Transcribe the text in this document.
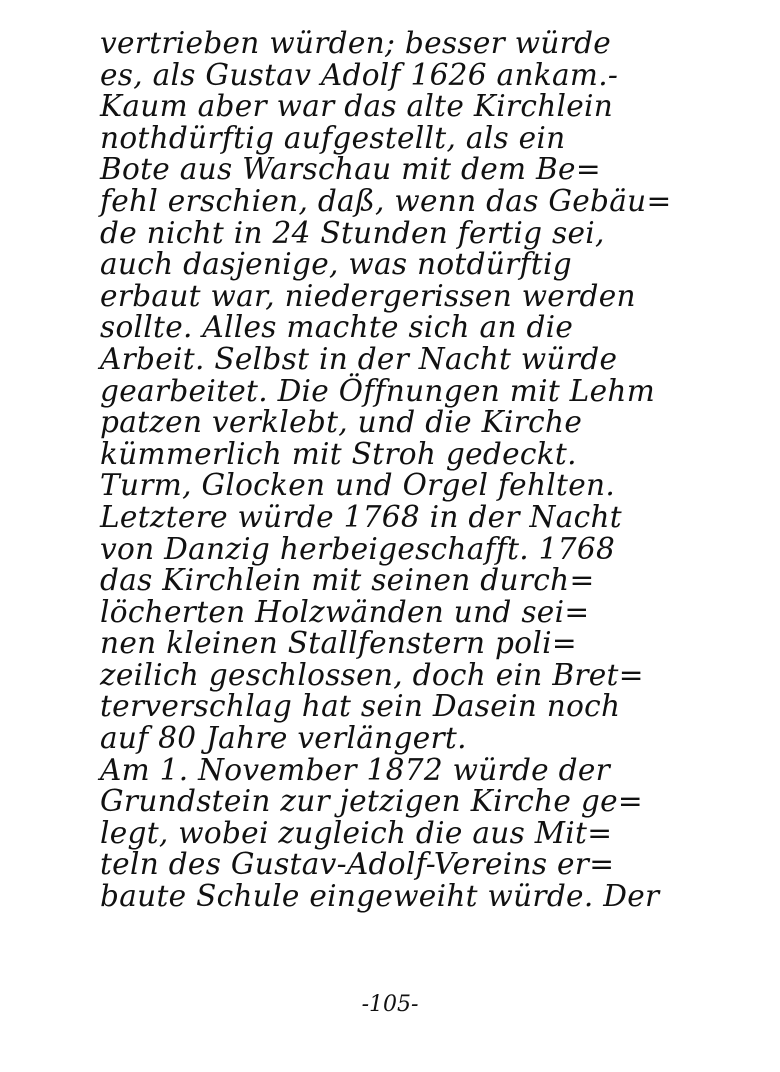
vertrieben würden; besser würde
es, als Gustav Adolf 1626 ankam.-
Kaum aber war das alte Kirchlein
nothdürftig aufgestellt, als ein
Bote aus Warschau mit dem Be=
fehl erschien, daß, wenn das Gebäu=
de nicht in 24 Stunden fertig sei,
auch dasjenige, was notdürftig
erbaut war, niedergerissen werden
sollte. Alles machte sich an die
Arbeit. Selbst in der Nacht würde
gearbeitet. Die Öffnungen mit Lehm
patzen verklebt, und die Kirche
kümmerlich mit Stroh gedeckt.
Turm, Glocken und Orgel fehlten.
Letztere würde 1768 in der Nacht
von Danzig herbeigeschafft. 1768
das Kirchlein mit seinen durch=
löcherten Holzwänden und sei=
nen kleinen Stallfenstern poli=
zeilich geschlossen, doch ein Bret=
terverschlag hat sein Dasein noch
auf 80 Jahre verlängert.
Am 1. November 1872 würde der
Grundstein zur jetzigen Kirche ge=
legt, wobei zugleich die aus Mit=
teln des Gustav-Adolf-Vereins er=
baute Schule eingeweiht würde. Der
-105-
